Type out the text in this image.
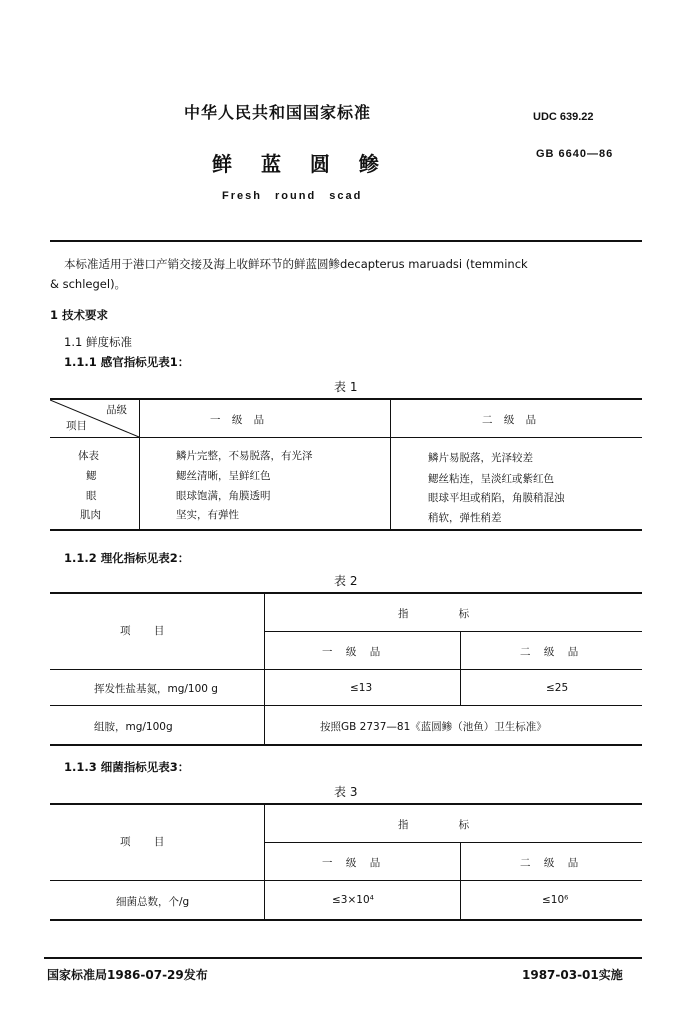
中华人民共和国国家标准	UDC 639.22
鲜 蓝 圆 鲹	GB 6640—86
Fresh round scad
本标准适用于港口产销交接及海上收鲜环节的鲜蓝圆鲹decapterus maruadsi (temminck
& schlegel)。
1 技术要求
1.1 鲜度标准
1.1.1 感官指标见表1：
表 1
品级
项目	一 级 品	二 级 品
体表	鳞片完整，不易脱落，有光泽	鳞片易脱落，光泽较差
鳃	鳃丝清晰，呈鲜红色	鳃丝粘连，呈淡红或紫红色
眼	眼球饱满，角膜透明	眼球平坦或稍陷，角膜稍混浊
肌肉	坚实，有弹性	稍软，弹性稍差
1.1.2 理化指标见表2：
表 2
项       目
指               标
一    级    品	二    级    品
挥发性盐基氮，mg/100 g	≤13	≤25
组胺，mg/100g	按照GB 2737—81《蓝圆鲹（池鱼）卫生标准》
1.1.3 细菌指标见表3：
表 3
项       目
指               标
一    级    品	二    级    品
细菌总数，个/g	≤3×10⁴	≤10⁶
国家标准局1986-07-29发布	1987-03-01实施
